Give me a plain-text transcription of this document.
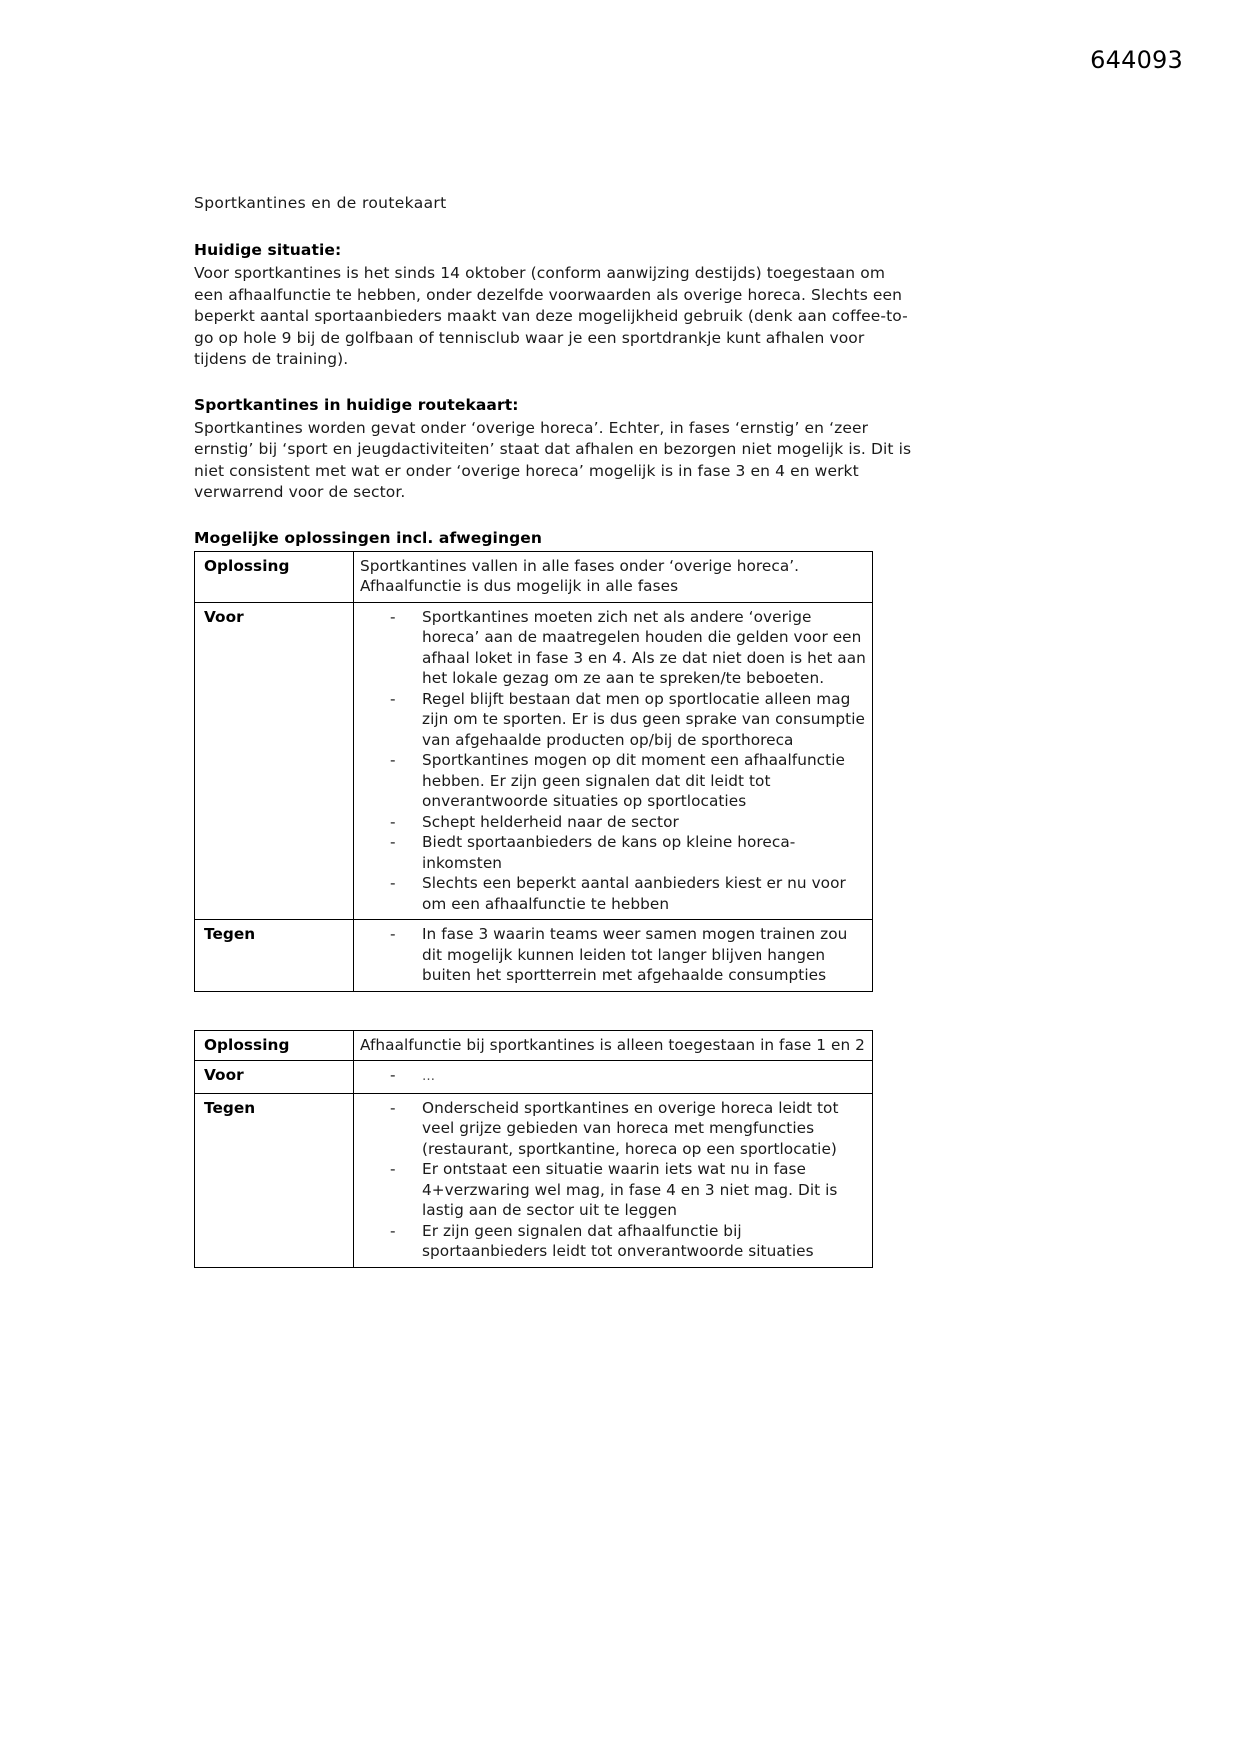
644093
Sportkantines en de routekaart
Huidige situatie:

Voor sportkantines is het sinds 14 oktober (conform aanwijzing destijds) toegestaan om een afhaalfunctie te hebben, onder dezelfde voorwaarden als overige horeca. Slechts een beperkt aantal sportaanbieders maakt van deze mogelijkheid gebruik (denk aan coffee-to-go op hole 9 bij de golfbaan of tennisclub waar je een sportdrankje kunt afhalen voor tijdens de training).

Sportkantines in huidige routekaart:

Sportkantines worden gevat onder ‘overige horeca’. Echter, in fases ‘ernstig’ en ‘zeer ernstig’ bij ‘sport en jeugdactiviteiten’ staat dat afhalen en bezorgen niet mogelijk is. Dit is niet consistent met wat er onder ‘overige horeca’ mogelijk is in fase 3 en 4 en werkt verwarrend voor de sector.

Mogelijke oplossingen incl. afwegingen
Oplossing	Sportkantines vallen in alle fases onder ‘overige horeca’. Afhaalfunctie is dus mogelijk in alle fases
Voor	- Sportkantines moeten zich net als andere ‘overige horeca’ aan de maatregelen houden die gelden voor een afhaal loket in fase 3 en 4. Als ze dat niet doen is het aan het lokale gezag om ze aan te spreken/te beboeten.
- Regel blijft bestaan dat men op sportlocatie alleen mag zijn om te sporten. Er is dus geen sprake van consumptie van afgehaalde producten op/bij de sporthoreca
- Sportkantines mogen op dit moment een afhaalfunctie hebben. Er zijn geen signalen dat dit leidt tot onverantwoorde situaties op sportlocaties
- Schept helderheid naar de sector
- Biedt sportaanbieders de kans op kleine horeca-inkomsten
- Slechts een beperkt aantal aanbieders kiest er nu voor om een afhaalfunctie te hebben

Tegen	- In fase 3 waarin teams weer samen mogen trainen zou dit mogelijk kunnen leiden tot langer blijven hangen buiten het sportterrein met afgehaalde consumpties
Oplossing	Afhaalfunctie bij sportkantines is alleen toegestaan in fase 1 en 2
Voor	- …

Tegen	- Onderscheid sportkantines en overige horeca leidt tot veel grijze gebieden van horeca met mengfuncties (restaurant, sportkantine, horeca op een sportlocatie)
- Er ontstaat een situatie waarin iets wat nu in fase 4+verzwaring wel mag, in fase 4 en 3 niet mag. Dit is lastig aan de sector uit te leggen
- Er zijn geen signalen dat afhaalfunctie bij sportaanbieders leidt tot onverantwoorde situaties
